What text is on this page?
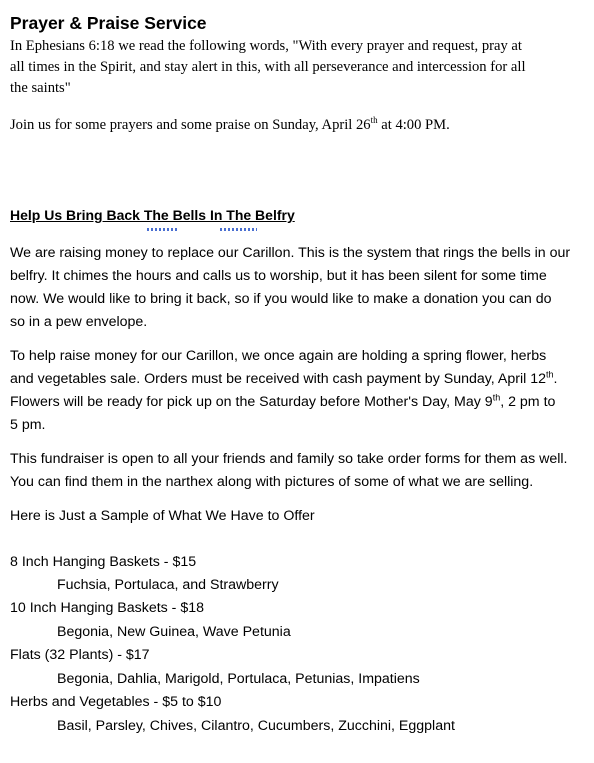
Prayer & Praise Service
In Ephesians 6:18 we read the following words, "With every prayer and request, pray at
all times in the Spirit, and stay alert in this, with all perseverance and intercession for all
the saints"
Join us for some prayers and some praise on Sunday, April 26th at 4:00 PM.
Help Us Bring Back The Bells In The Belfry
We are raising money to replace our Carillon. This is the system that rings the bells in our
belfry. It chimes the hours and calls us to worship, but it has been silent for some time
now. We would like to bring it back, so if you would like to make a donation you can do
so in a pew envelope.
To help raise money for our Carillon, we once again are holding a spring flower, herbs
and vegetables sale. Orders must be received with cash payment by Sunday, April 12th.
Flowers will be ready for pick up on the Saturday before Mother's Day, May 9th, 2 pm to
5 pm.
This fundraiser is open to all your friends and family so take order forms for them as well.
You can find them in the narthex along with pictures of some of what we are selling.
Here is Just a Sample of What We Have to Offer
8 Inch Hanging Baskets - $15
Fuchsia, Portulaca, and Strawberry
10 Inch Hanging Baskets - $18
Begonia, New Guinea, Wave Petunia
Flats (32 Plants) - $17
Begonia, Dahlia, Marigold, Portulaca, Petunias, Impatiens
Herbs and Vegetables - $5 to $10
Basil, Parsley, Chives, Cilantro, Cucumbers, Zucchini, Eggplant
